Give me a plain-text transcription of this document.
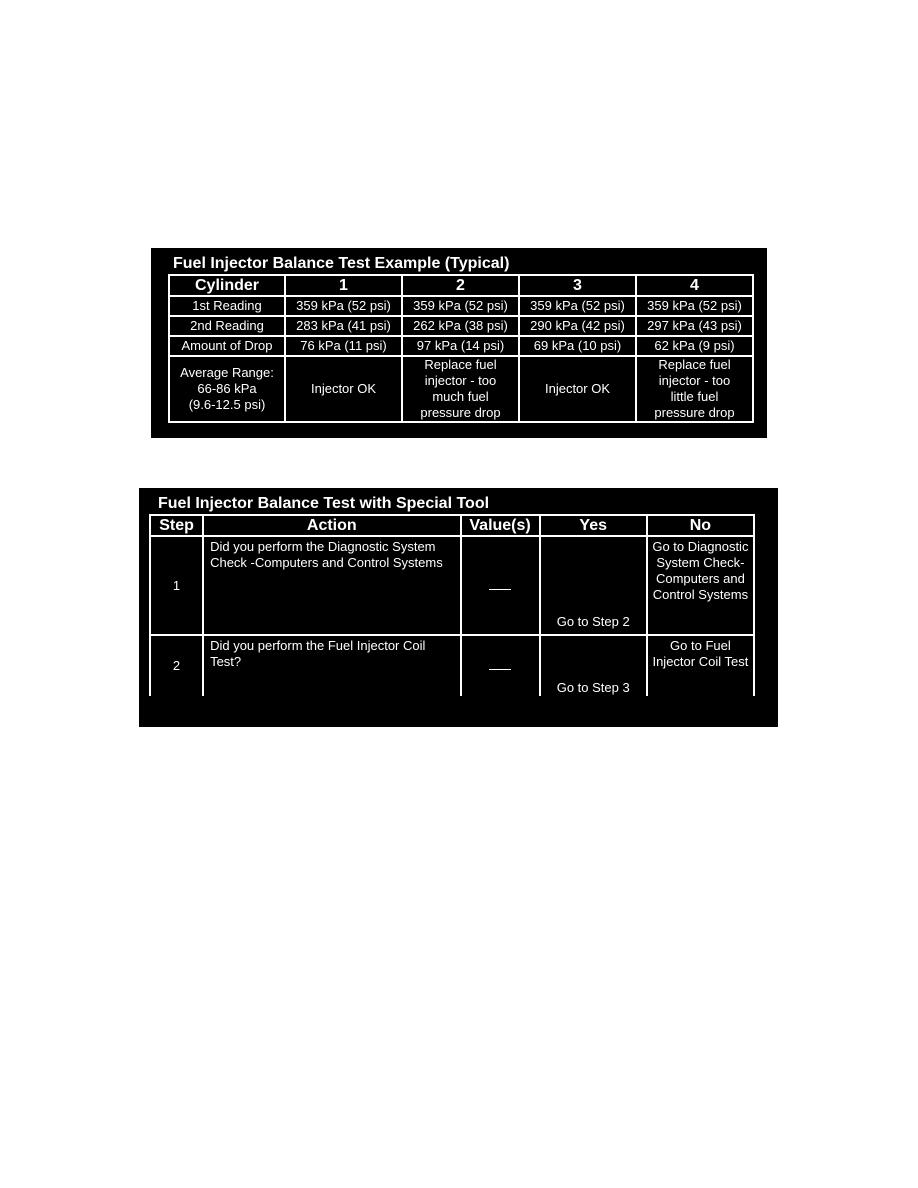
Fuel Injector Balance Test Example (Typical)
Cylinder	1	2	3	4
1st Reading	359 kPa (52 psi)	359 kPa (52 psi)	359 kPa (52 psi)	359 kPa (52 psi)
2nd Reading	283 kPa (41 psi)	262 kPa (38 psi)	290 kPa (42 psi)	297 kPa (43 psi)
Amount of Drop	76 kPa (11 psi)	97 kPa (14 psi)	69 kPa (10 psi)	62 kPa (9 psi)

Average Range:
66-86 kPa
(9.6-12.5 psi)	Injector OK	Replace fuel injector - too much fuel pressure drop	Injector OK	Replace fuel injector - too little fuel pressure drop
Fuel Injector Balance Test with Special Tool
Step	Action	Value(s)	Yes	No
1	Did you perform the Diagnostic System Check -Computers and Control Systems		Go to Step 2	Go to Diagnostic System Check-Computers and Control Systems
2	Did you perform the Fuel Injector Coil Test?		Go to Step 3	Go to Fuel Injector Coil Test
